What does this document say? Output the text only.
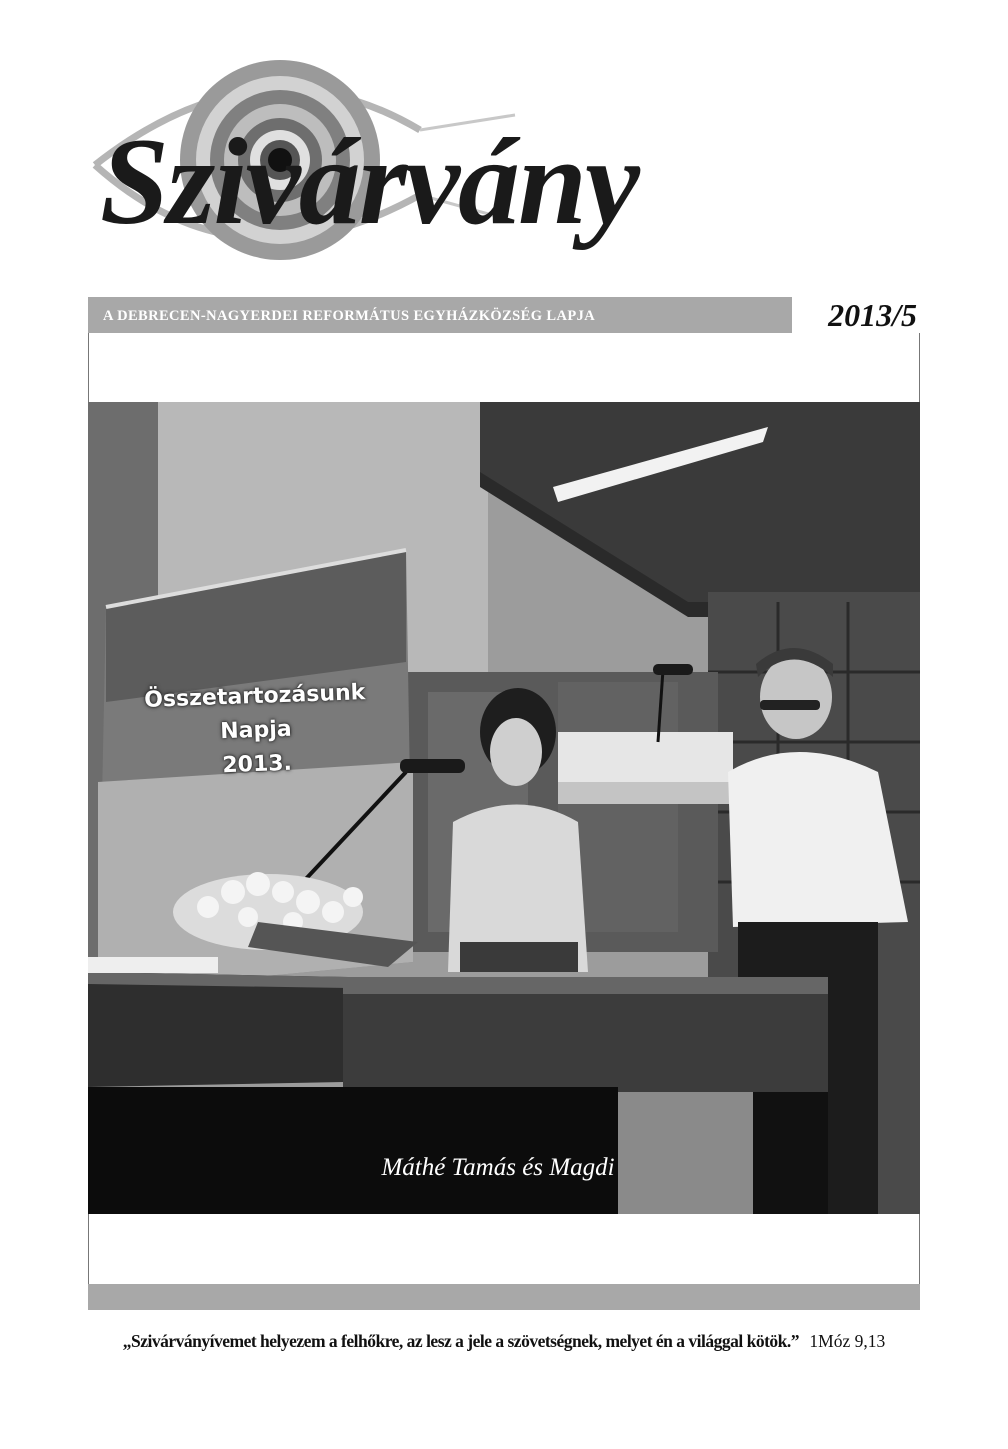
Szivárvány
A DEBRECEN-NAGYERDEI REFORMÁTUS EGYHÁZKÖZSÉG LAPJA	2013/5
Összetartozásunk Napja
2013.
Máthé Tamás és Magdi
„Szivárványívemet helyezem a felhőkre, az lesz a jele a szövetségnek, melyet én a világgal kötök.” 1Móz 9,13
